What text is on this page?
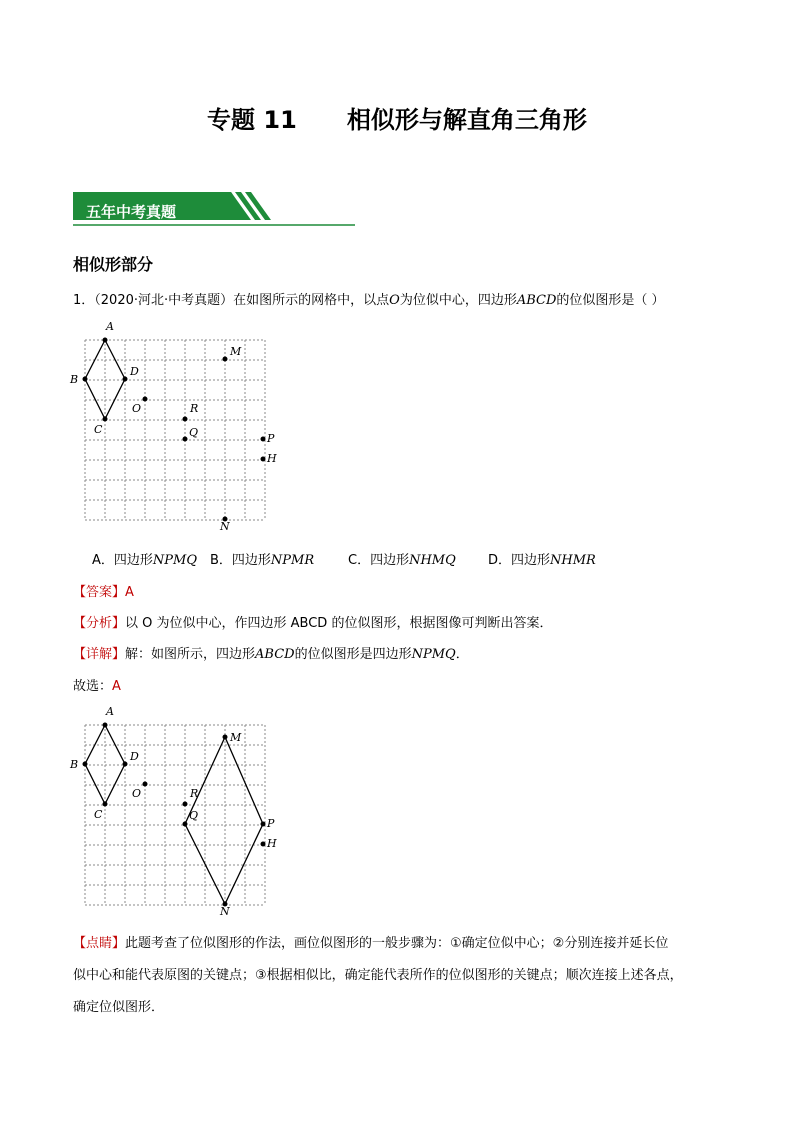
专题 11      相似形与解直角三角形
五年中考真题
相似形部分
1．（2020·河北·中考真题）在如图所示的网格中，以点O为位似中心，四边形ABCD的位似图形是（ ）
A
B
C
D
O
M
R
Q	P
H
N
A．四边形NPMQ B．四边形NPMR	C．四边形NHMQ D．四边形NHMR
【答案】A
【分析】以 O 为位似中心，作四边形 ABCD 的位似图形，根据图像可判断出答案．
【详解】解：如图所示，四边形ABCD的位似图形是四边形NPMQ．
故选：A
A
B
C
D
O
M
R
Q
P
H
N
【点睛】此题考查了位似图形的作法，画位似图形的一般步骤为：①确定位似中心；②分别连接并延长位
似中心和能代表原图的关键点；③根据相似比，确定能代表所作的位似图形的关键点；顺次连接上述各点，
确定位似图形．
